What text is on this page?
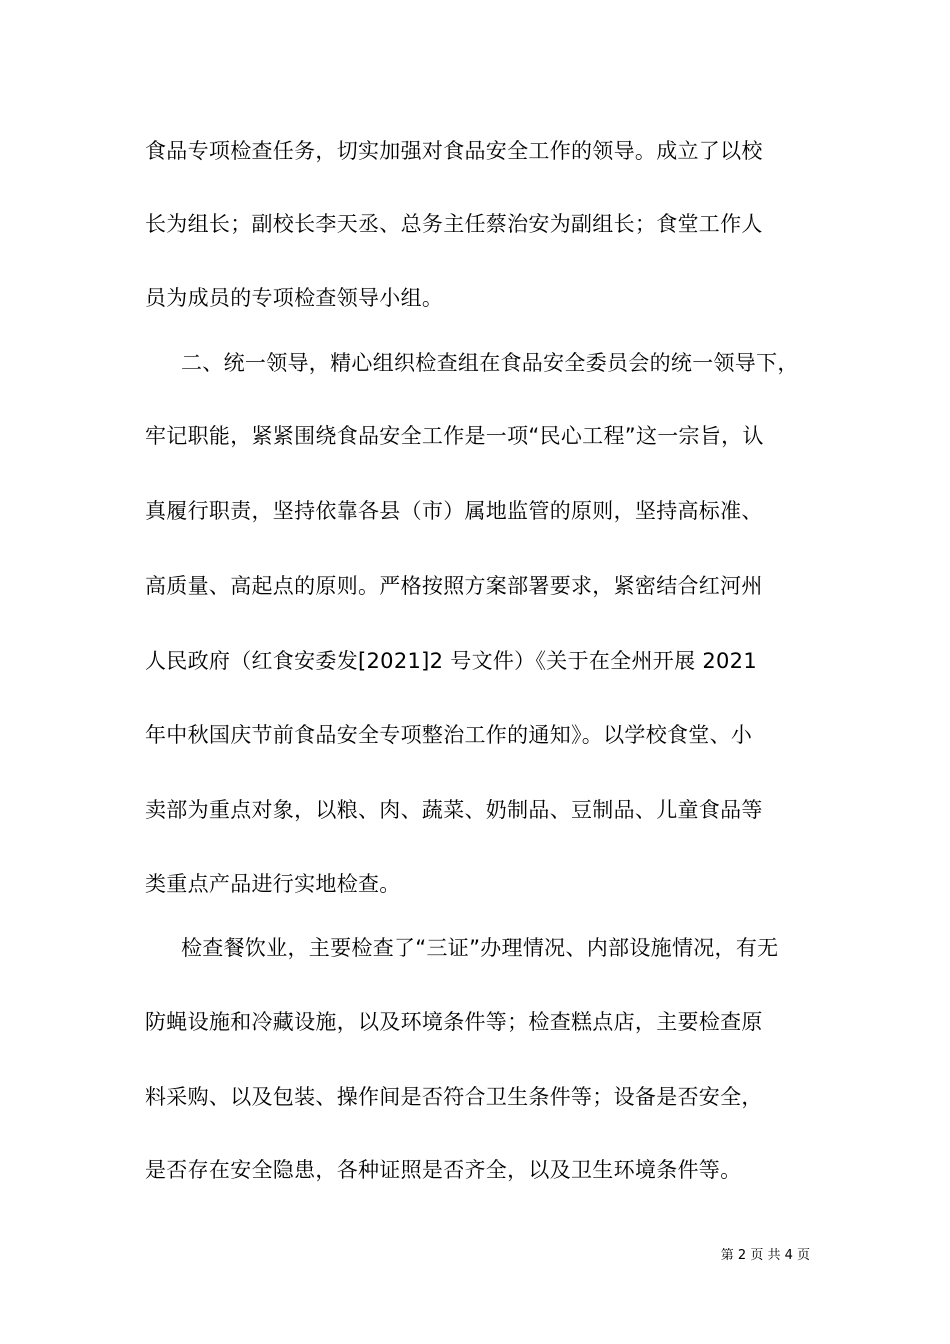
食品专项检查任务，切实加强对食品安全工作的领导。成立了以校
长为组长；副校长李天丞、总务主任蔡治安为副组长；食堂工作人
员为成员的专项检查领导小组。
二、统一领导，精心组织检查组在食品安全委员会的统一领导下，
牢记职能，紧紧围绕食品安全工作是一项“民心工程”这一宗旨，认
真履行职责，坚持依靠各县（市）属地监管的原则，坚持高标准、
高质量、高起点的原则。严格按照方案部署要求，紧密结合红河州
人民政府（红食安委发[2021]2 号文件）《关于在全州开展 2021
年中秋国庆节前食品安全专项整治工作的通知》。以学校食堂、小
卖部为重点对象，以粮、肉、蔬菜、奶制品、豆制品、儿童食品等
类重点产品进行实地检查。
检查餐饮业，主要检查了“三证”办理情况、内部设施情况，有无
防蝇设施和冷藏设施，以及环境条件等；检查糕点店，主要检查原
料采购、以及包装、操作间是否符合卫生条件等；设备是否安全，
是否存在安全隐患，各种证照是否齐全，以及卫生环境条件等。
第 2 页 共 4 页
